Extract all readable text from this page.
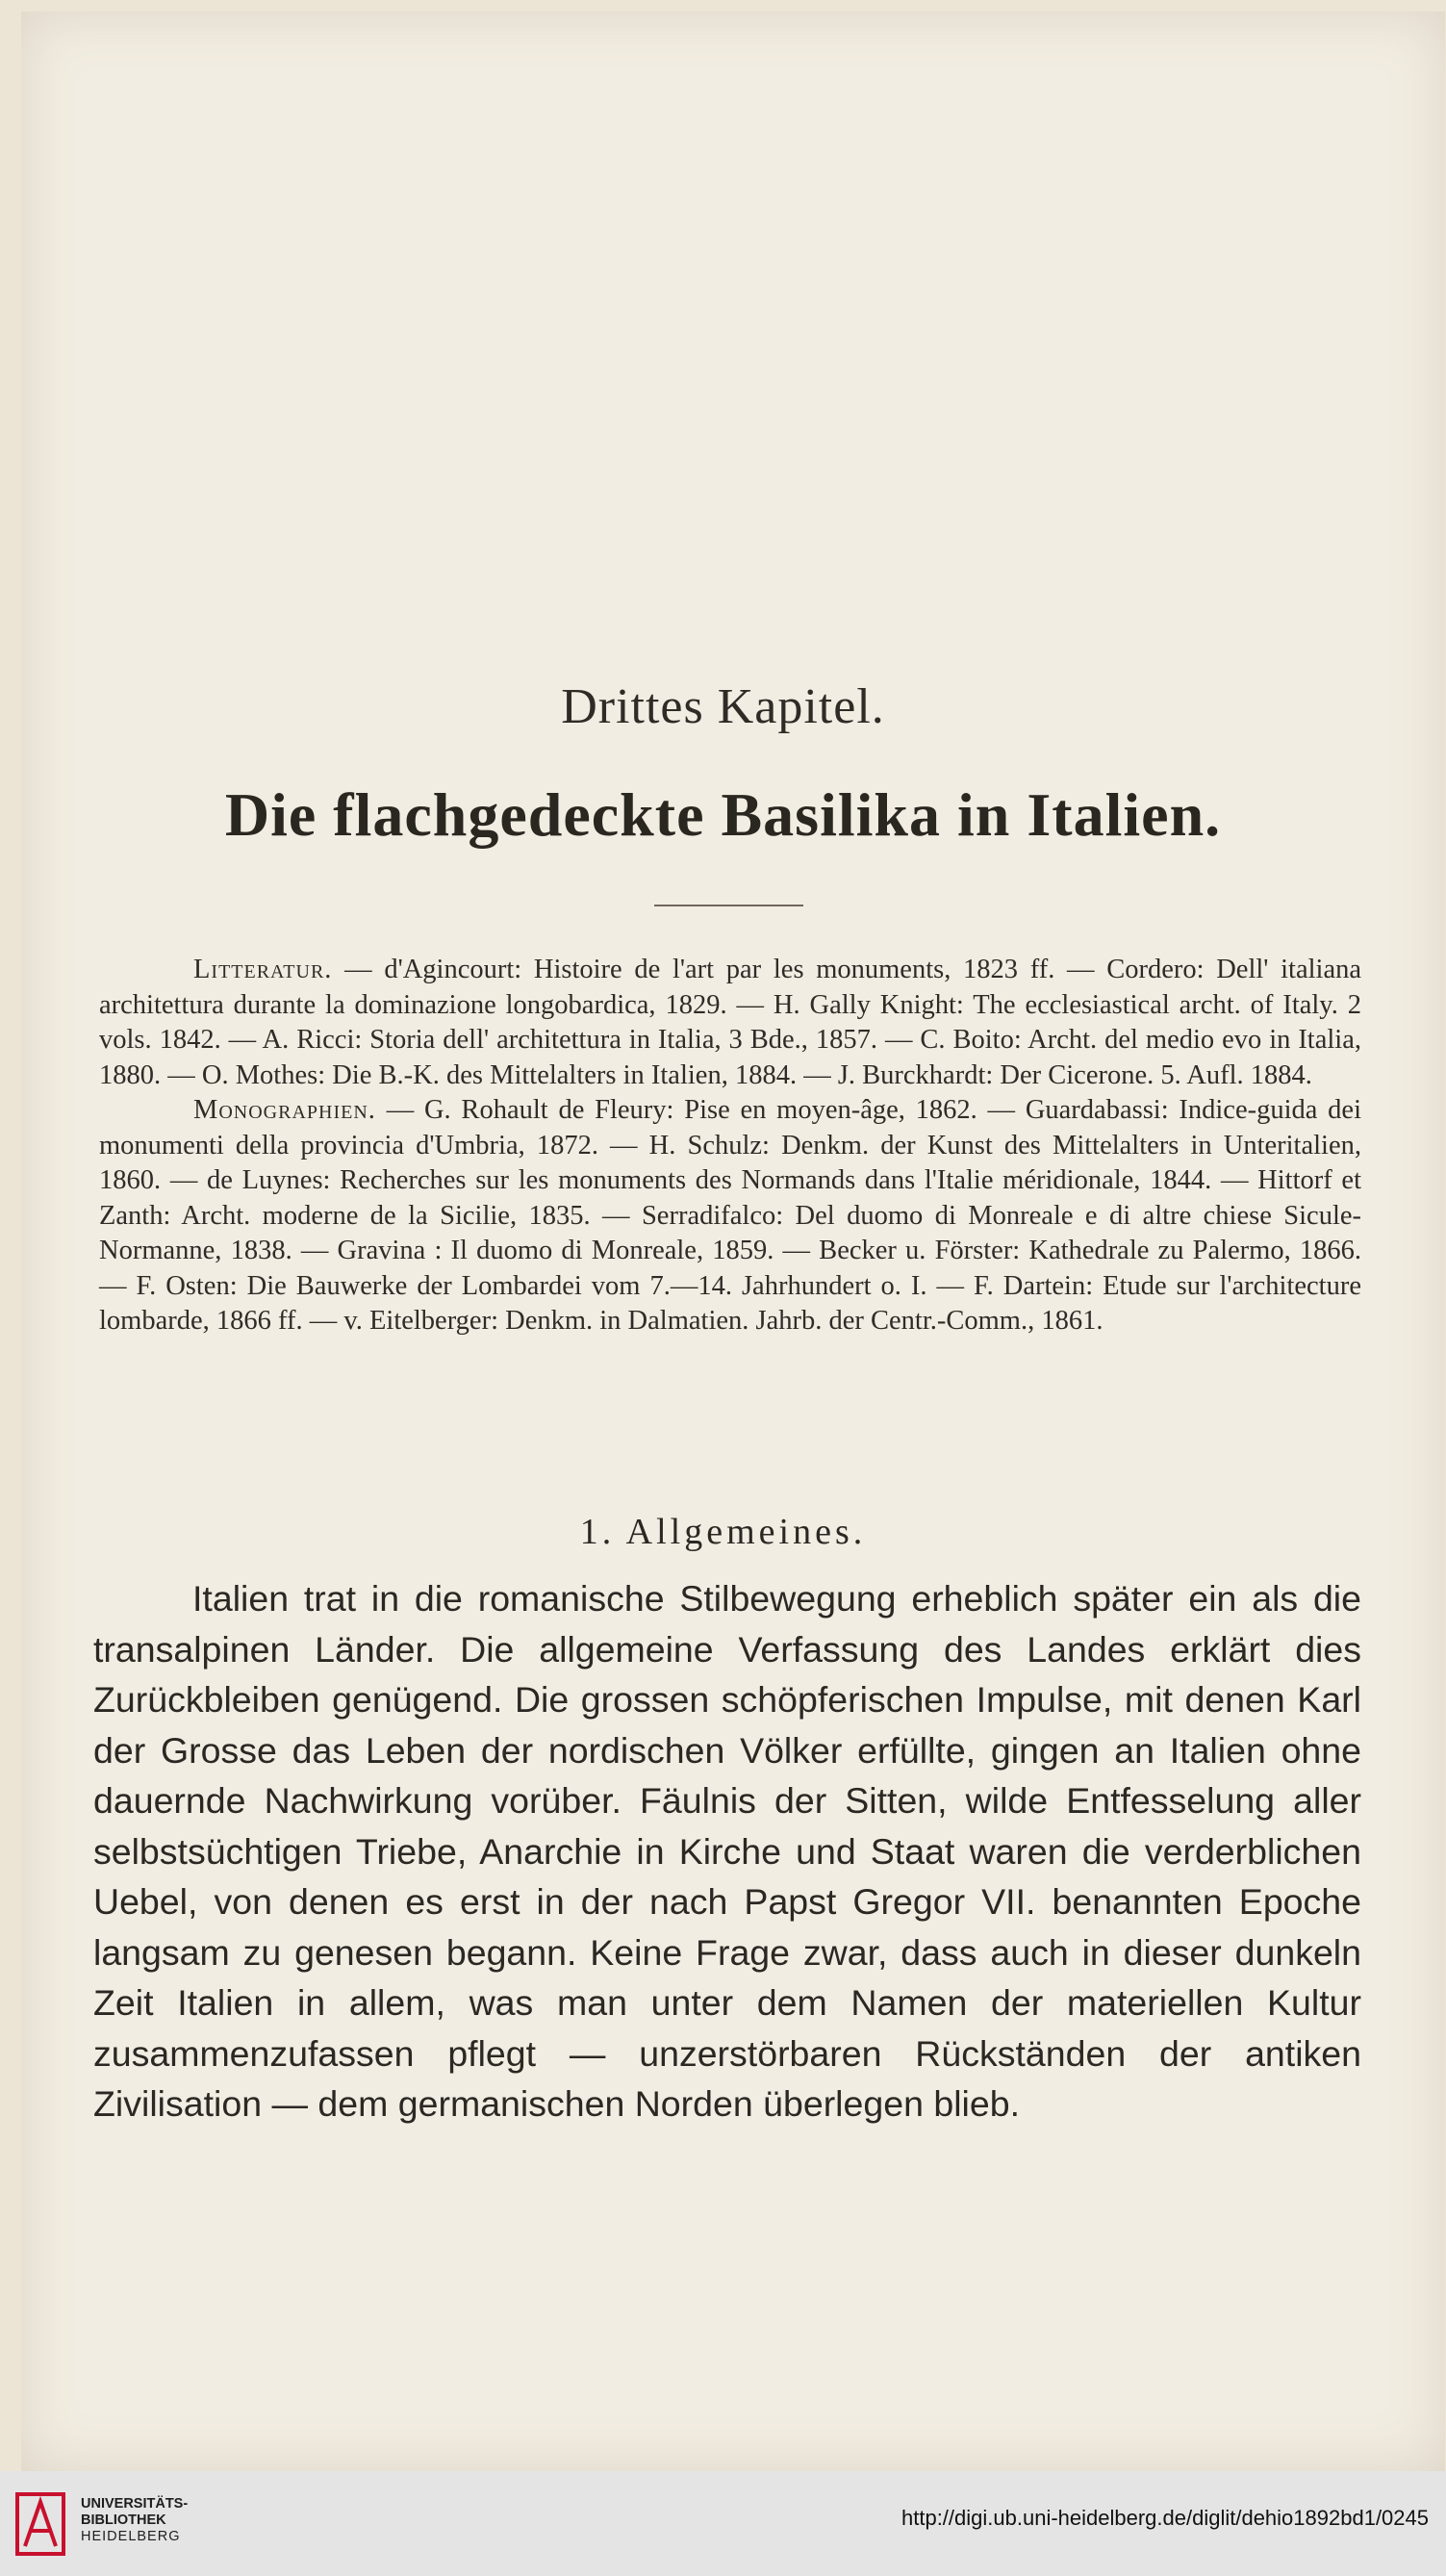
Drittes Kapitel.
Die flachgedeckte Basilika in Italien.

Litteratur. — d'Agincourt: Histoire de l'art par les monuments, 1823 ff. — Cordero: Dell' italiana architettura durante la dominazione longobardica, 1829. — H. Gally Knight: The ecclesiastical archt. of Italy. 2 vols. 1842. — A. Ricci: Storia dell' architettura in Italia, 3 Bde., 1857. — C. Boito: Archt. del medio evo in Italia, 1880. — O. Mothes: Die B.-K. des Mittelalters in Italien, 1884. — J. Burckhardt: Der Cicerone. 5. Aufl. 1884.

Monographien. — G. Rohault de Fleury: Pise en moyen-âge, 1862. — Guardabassi: Indice-guida dei monumenti della provincia d'Umbria, 1872. — H. Schulz: Denkm. der Kunst des Mittelalters in Unteritalien, 1860. — de Luynes: Recherches sur les monuments des Normands dans l'Italie méridionale, 1844. — Hittorf et Zanth: Archt. moderne de la Sicilie, 1835. — Serradifalco: Del duomo di Monreale e di altre chiese Sicule-Normanne, 1838. — Gravina : Il duomo di Monreale, 1859. — Becker u. Förster: Kathedrale zu Palermo, 1866. — F. Osten: Die Bauwerke der Lombardei vom 7.—14. Jahrhundert o. I. — F. Dartein: Etude sur l'architecture lombarde, 1866 ff. — v. Eitelberger: Denkm. in Dalmatien. Jahrb. der Centr.-Comm., 1861.

1. Allgemeines.

Italien trat in die romanische Stilbewegung erheblich später ein als die transalpinen Länder. Die allgemeine Verfassung des Landes erklärt dies Zurückbleiben genügend. Die grossen schöpferischen Impulse, mit denen Karl der Grosse das Leben der nordischen Völker erfüllte, gingen an Italien ohne dauernde Nachwirkung vorüber. Fäulnis der Sitten, wilde Entfesselung aller selbstsüchtigen Triebe, Anarchie in Kirche und Staat waren die verderblichen Uebel, von denen es erst in der nach Papst Gregor VII. benannten Epoche langsam zu genesen begann. Keine Frage zwar, dass auch in dieser dunkeln Zeit Italien in allem, was man unter dem Namen der materiellen Kultur zusammenzufassen pflegt — unzerstörbaren Rückständen der antiken Zivilisation — dem germanischen Norden überlegen blieb.

UNIVERSITÄTS-
BIBLIOTHEK
HEIDELBERG
http://digi.ub.uni-heidelberg.de/diglit/dehio1892bd1/0245
